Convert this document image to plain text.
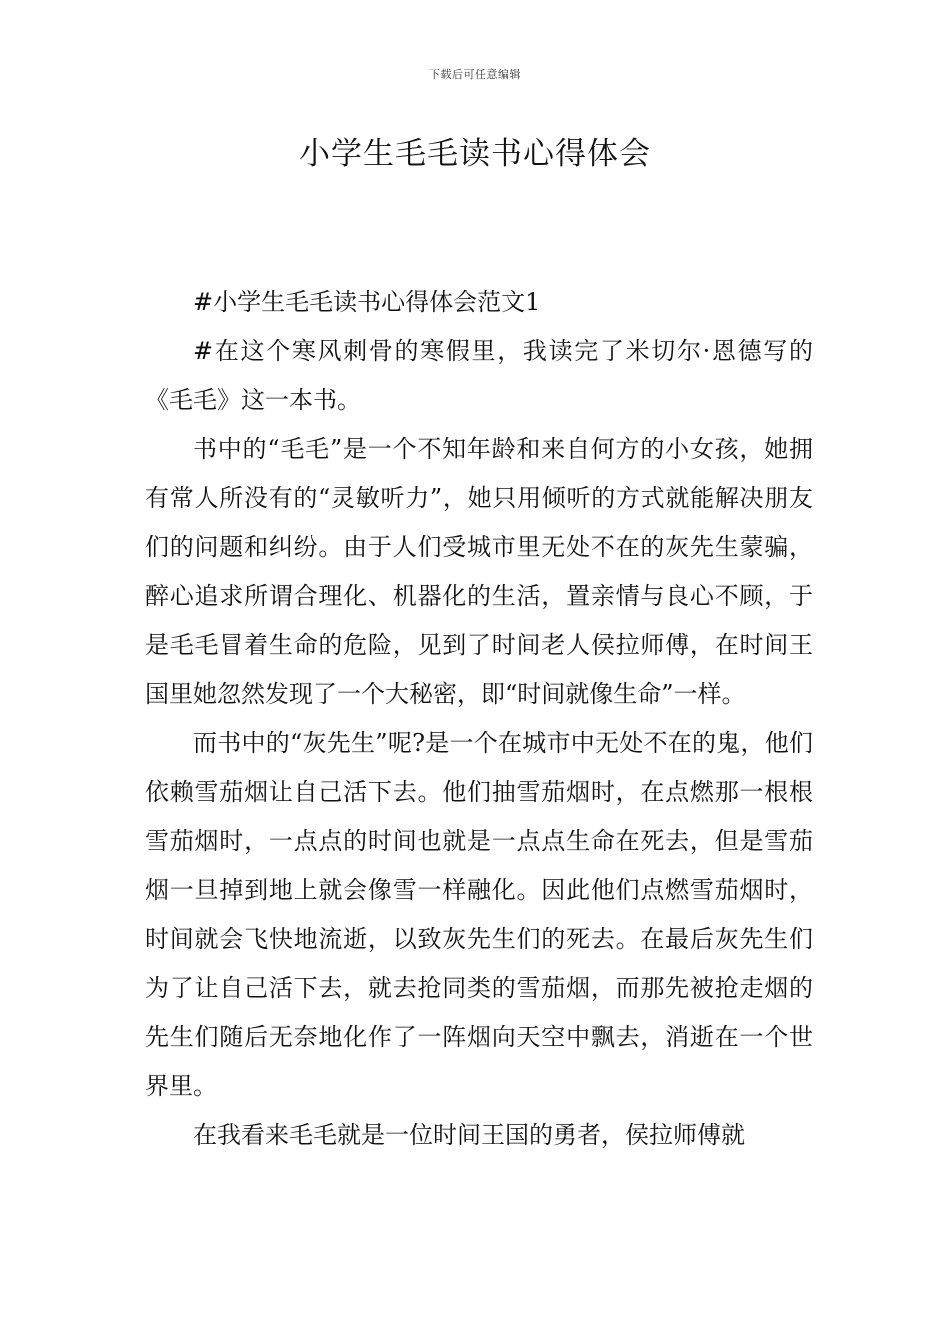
下载后可任意编辑
小学生毛毛读书心得体会

#小学生毛毛读书心得体会范文1

#在这个寒风刺骨的寒假里，我读完了米切尔·恩德写的《毛毛》这一本书。

书中的“毛毛”是一个不知年龄和来自何方的小女孩，她拥有常人所没有的“灵敏听力”，她只用倾听的方式就能解决朋友们的问题和纠纷。由于人们受城市里无处不在的灰先生蒙骗，醉心追求所谓合理化、机器化的生活，置亲情与良心不顾，于是毛毛冒着生命的危险，见到了时间老人侯拉师傅，在时间王国里她忽然发现了一个大秘密，即“时间就像生命”一样。

而书中的“灰先生”呢?是一个在城市中无处不在的鬼，他们依赖雪茄烟让自己活下去。他们抽雪茄烟时，在点燃那一根根雪茄烟时，一点点的时间也就是一点点生命在死去，但是雪茄烟一旦掉到地上就会像雪一样融化。因此他们点燃雪茄烟时，时间就会飞快地流逝，以致灰先生们的死去。在最后灰先生们为了让自己活下去，就去抢同类的雪茄烟，而那先被抢走烟的先生们随后无奈地化作了一阵烟向天空中飘去，消逝在一个世界里。

在我看来毛毛就是一位时间王国的勇者，侯拉师傅就
